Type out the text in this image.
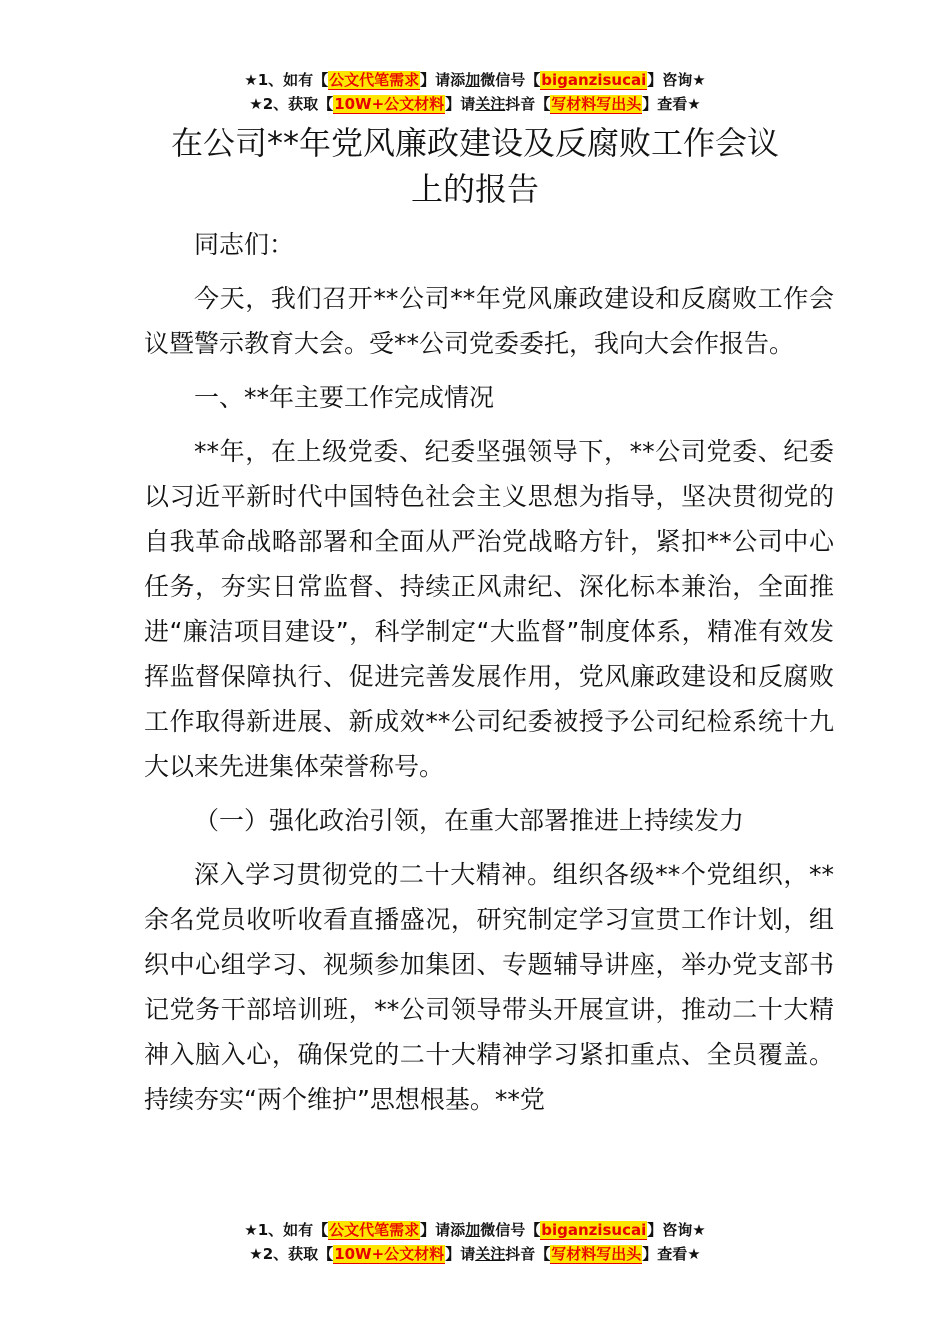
★1、如有【公文代笔需求】请添加微信号【biganzisucai】咨询★
★2、获取【10W+公文材料】请关注抖音【写材料写出头】查看★
在公司**年党风廉政建设及反腐败工作会议
上的报告

同志们：

今天，我们召开**公司**年党风廉政建设和反腐败工作会议暨警示教育大会。受**公司党委委托，我向大会作报告。

一、**年主要工作完成情况

**年，在上级党委、纪委坚强领导下，**公司党委、纪委以习近平新时代中国特色社会主义思想为指导，坚决贯彻党的自我革命战略部署和全面从严治党战略方针，紧扣**公司中心任务，夯实日常监督、持续正风肃纪、深化标本兼治，全面推进“廉洁项目建设”，科学制定“大监督”制度体系，精准有效发挥监督保障执行、促进完善发展作用，党风廉政建设和反腐败工作取得新进展、新成效**公司纪委被授予公司纪检系统十九大以来先进集体荣誉称号。

（一）强化政治引领，在重大部署推进上持续发力

深入学习贯彻党的二十大精神。组织各级**个党组织，**余名党员收听收看直播盛况，研究制定学习宣贯工作计划，组织中心组学习、视频参加集团、专题辅导讲座，举办党支部书记党务干部培训班，**公司领导带头开展宣讲，推动二十大精神入脑入心，确保党的二十大精神学习紧扣重点、全员覆盖。持续夯实“两个维护”思想根基。**党

★1、如有【公文代笔需求】请添加微信号【biganzisucai】咨询★
★2、获取【10W+公文材料】请关注抖音【写材料写出头】查看★
